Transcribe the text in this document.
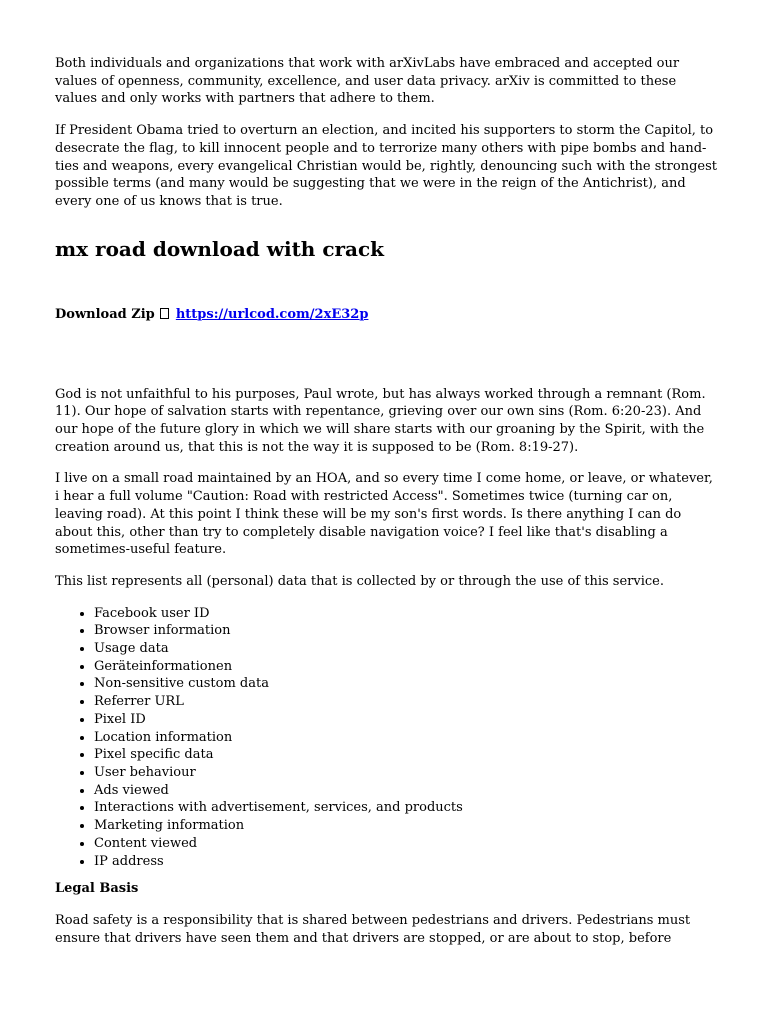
Both individuals and organizations that work with arXivLabs have embraced and accepted our values of openness, community, excellence, and user data privacy. arXiv is committed to these values and only works with partners that adhere to them.

If President Obama tried to overturn an election, and incited his supporters to storm the Capitol, to desecrate the flag, to kill innocent people and to terrorize many others with pipe bombs and hand-ties and weapons, every evangelical Christian would be, rightly, denouncing such with the strongest possible terms (and many would be suggesting that we were in the reign of the Antichrist), and every one of us knows that is true.

mx road download with crack
Download Zip https://urlcod.com/2xE32p

God is not unfaithful to his purposes, Paul wrote, but has always worked through a remnant (Rom. 11). Our hope of salvation starts with repentance, grieving over our own sins (Rom. 6:20-23). And our hope of the future glory in which we will share starts with our groaning by the Spirit, with the creation around us, that this is not the way it is supposed to be (Rom. 8:19-27).

I live on a small road maintained by an HOA, and so every time I come home, or leave, or whatever, i hear a full volume "Caution: Road with restricted Access". Sometimes twice (turning car on, leaving road). At this point I think these will be my son's first words. Is there anything I can do about this, other than try to completely disable navigation voice? I feel like that's disabling a sometimes-useful feature.

This list represents all (personal) data that is collected by or through the use of this service.

• Facebook user ID
• Browser information
• Usage data
• Geräteinformationen
• Non-sensitive custom data
• Referrer URL
• Pixel ID
• Location information
• Pixel specific data
• User behaviour
• Ads viewed
• Interactions with advertisement, services, and products
• Marketing information
• Content viewed
• IP address
Legal Basis

Road safety is a responsibility that is shared between pedestrians and drivers. Pedestrians must ensure that drivers have seen them and that drivers are stopped, or are about to stop, before
